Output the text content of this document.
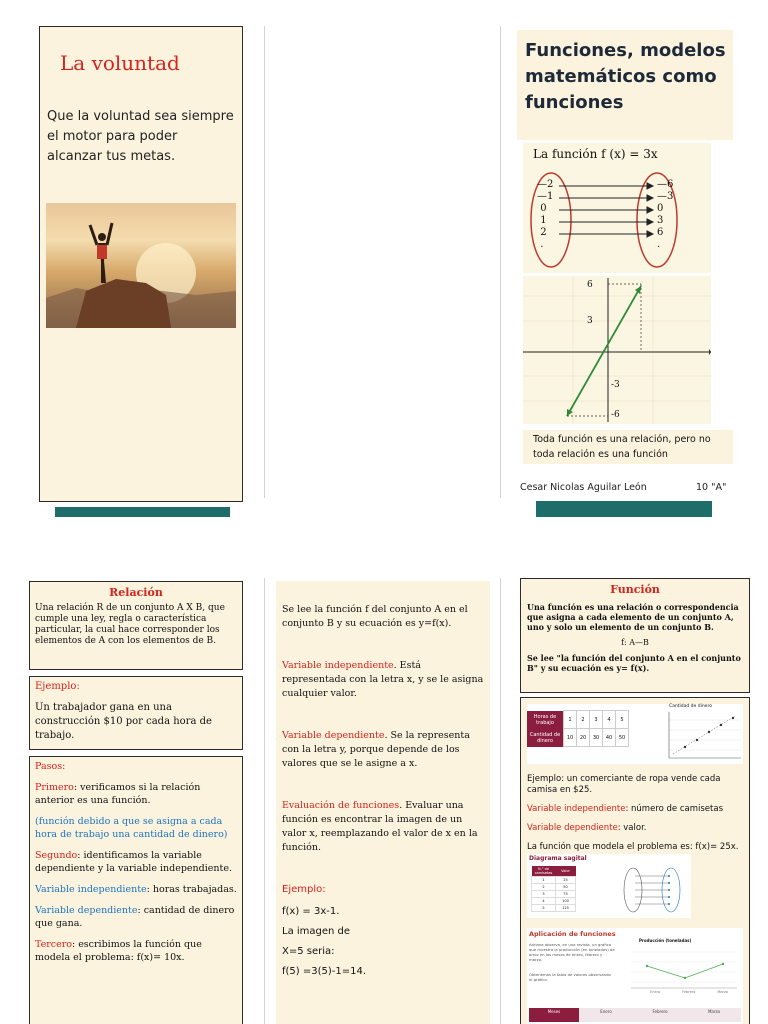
La voluntad

Que la voluntad sea siempre el motor para poder alcanzar tus metas.

Funciones, modelos matemáticos como funciones
La función f (x) = 3x
—2
—1
0
1
2
.
—6
—3
0
3
6
.
6
3
-3
-6

Toda función es una relación, pero no toda relación es una función

Cesar Nicolas Aguilar León	10 "A"
Relación

Una relación R de un conjunto A X B, que cumple una ley, regla o característica particular, la cual hace corresponder los elementos de A con los elementos de B.

Ejemplo:

Un trabajador gana en una construcción $10 por cada hora de trabajo.

Pasos:

Primero: verificamos si la relación anterior es una función.

(función debido a que se asigna a cada hora de trabajo una cantidad de dinero)

Segundo: identificamos la variable dependiente y la variable independiente.

Variable independiente: horas trabajadas.

Variable dependiente: cantidad de dinero que gana.

Tercero: escribimos la función que modela el problema: f(x)= 10x.

Se lee la función f del conjunto A en el conjunto B y su ecuación es y=f(x).

Variable independiente. Está representada con la letra x, y se le asigna cualquier valor.

Variable dependiente. Se la representa con la letra y, porque depende de los valores que se le asigne a x.

Evaluación de funciones. Evaluar una función es encontrar la imagen de un valor x, reemplazando el valor de x en la función.

Ejemplo:

f(x) = 3x-1.

La imagen de

X=5 seria:

f(5) =3(5)-1=14.

Función

Una función es una relación o correspondencia que asigna a cada elemento de un conjunto A, uno y solo un elemento de un conjunto B.

f: A—B

Se lee "la función del conjunto A en el conjunto B" y su ecuación es y= f(x).

Horas de trabajo	1	2	3	4	5
Cantidad de dinero	10	20	30	40	50
Cantidad de dinero

Ejemplo: un comerciante de ropa vende cada camisa en $25.

Variable independiente: número de camisetas

Variable dependiente: valor.

La función que modela el problema es: f(x)= 25x.

Diagrama sagital
N.° de camisetas	Valor
1	25
2	50
3	75
4	100
5	125
Aplicación de funciones

Adriana observa, en una revista, un gráfico que muestra la producción (en toneladas) de arroz en los meses de enero, febrero y marzo.

Obtenemos la tabla de valores observando el gráfico.

Producción (toneladas)
Enero	Febrero	Marzo
Meses	Enero	Febrero	Marzo
